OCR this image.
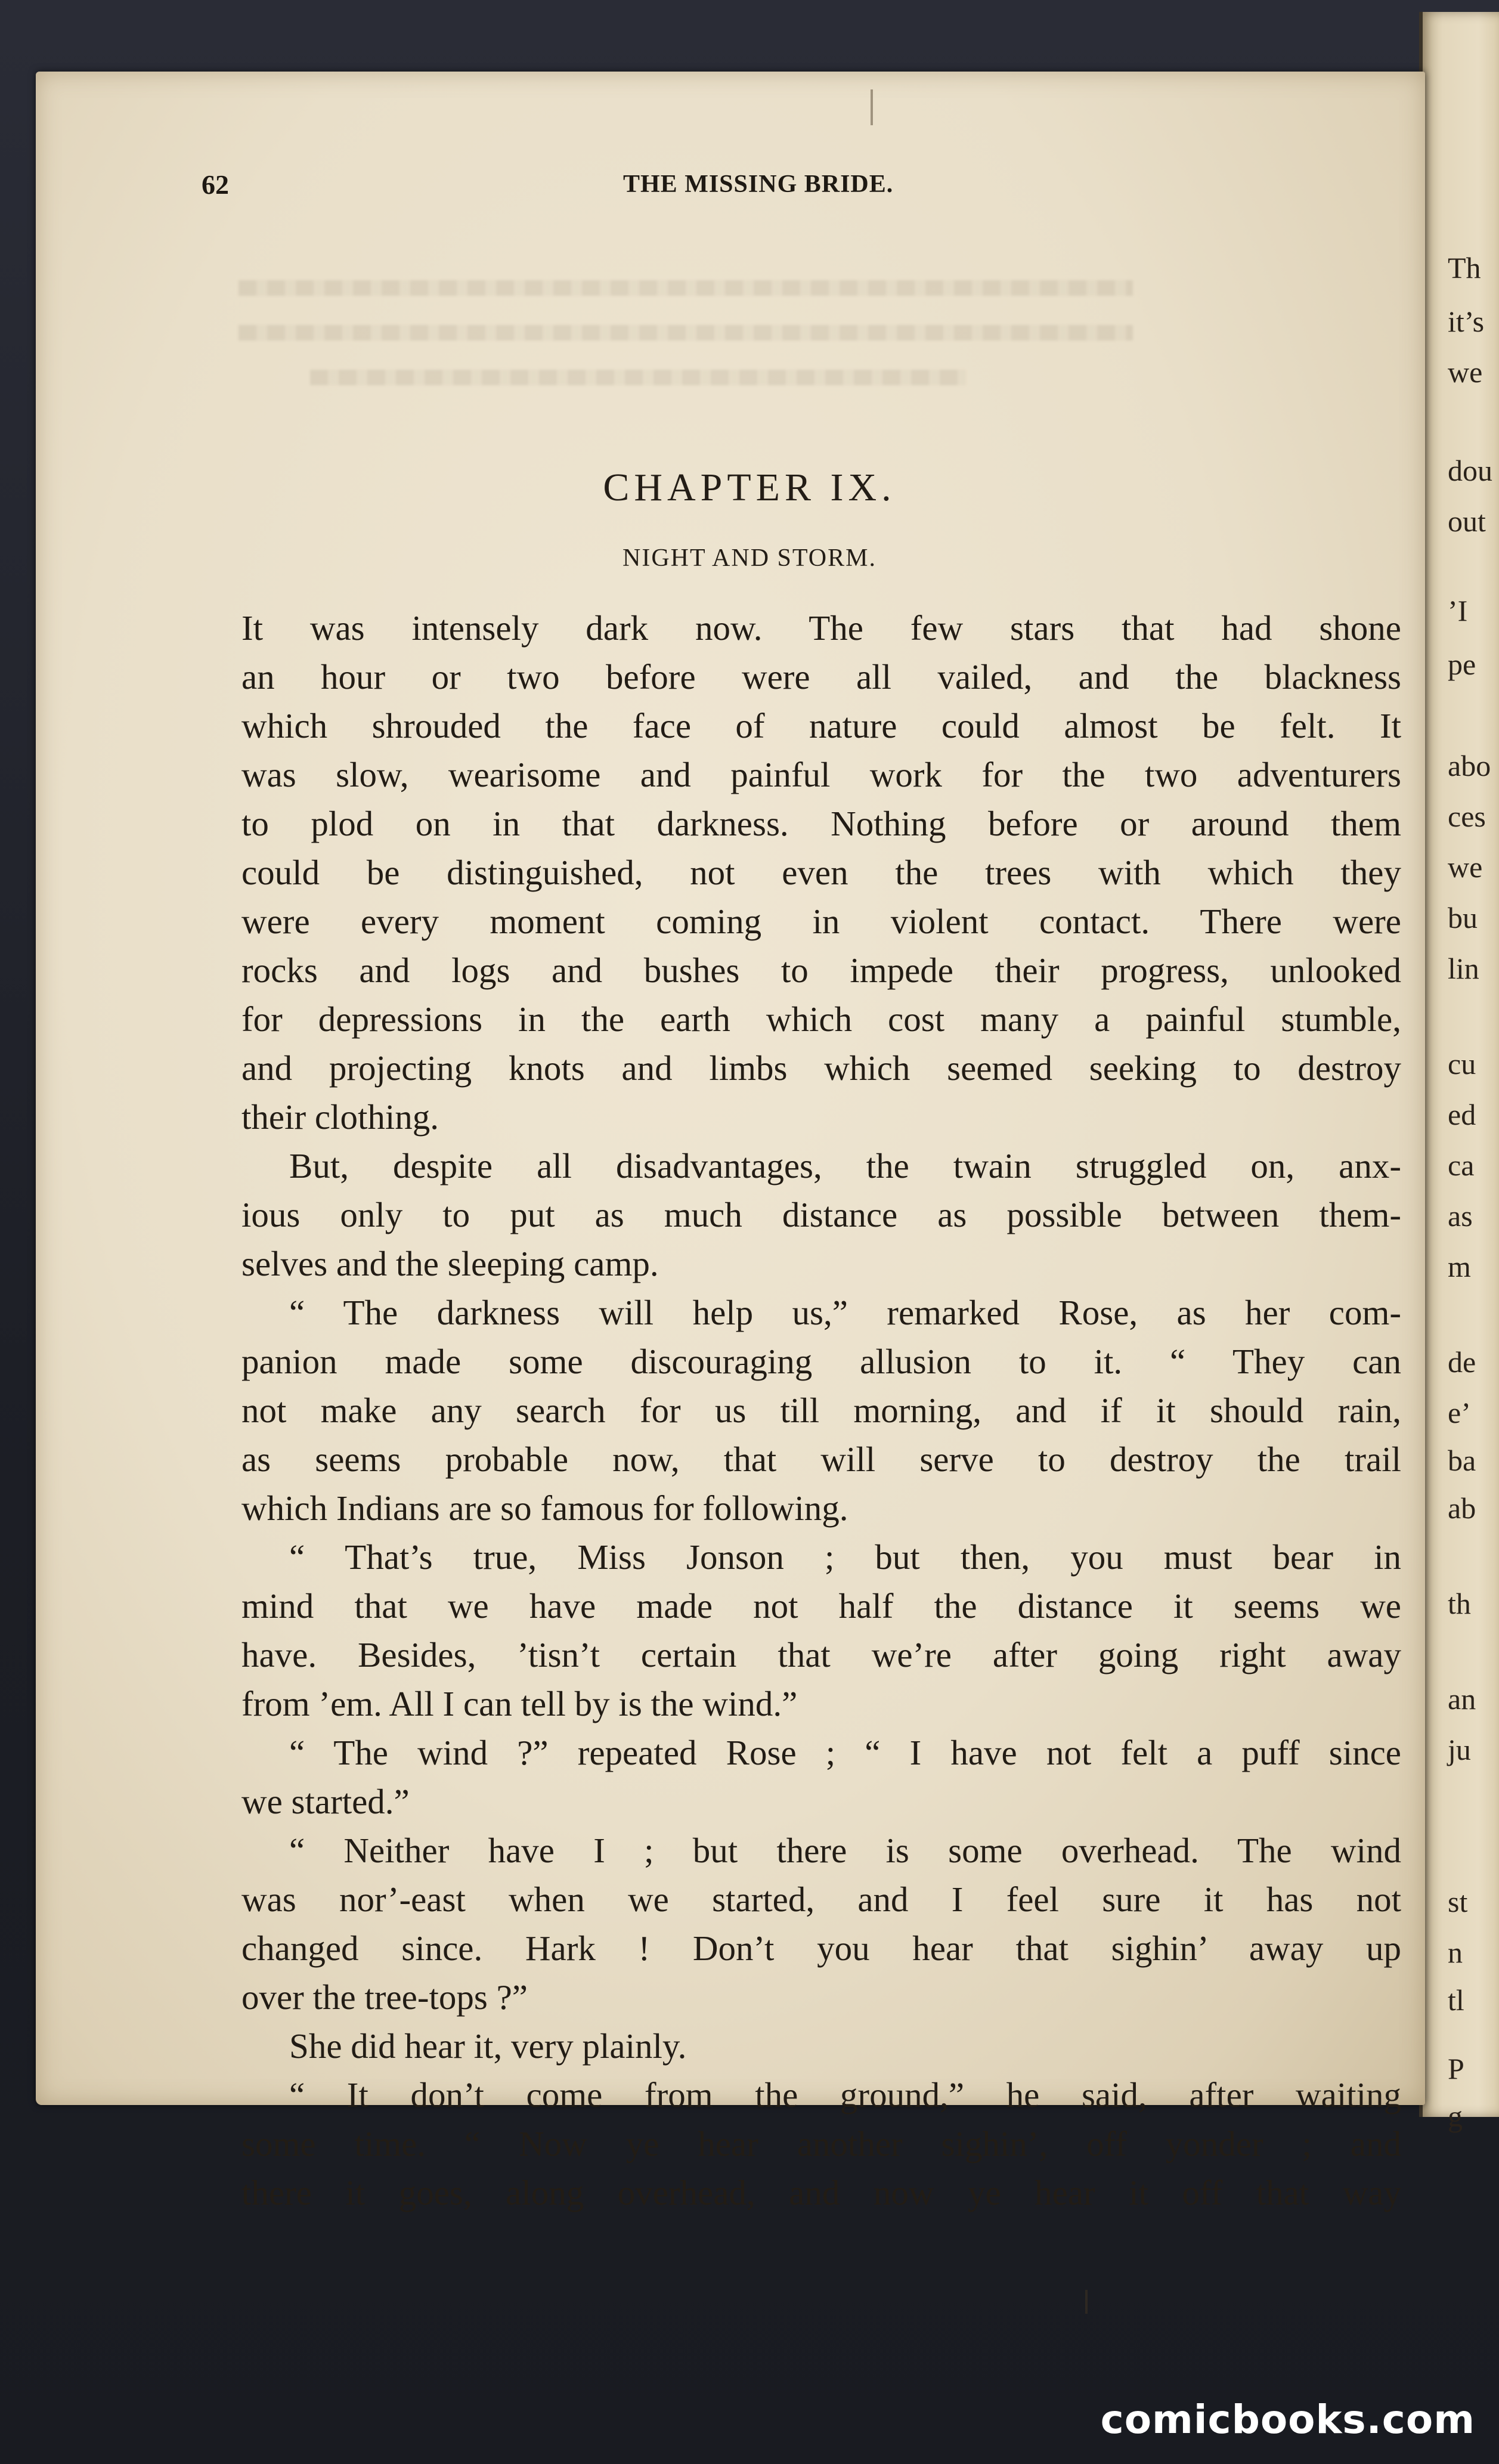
Th
it’s
we
dou
out
’I
pe
abo
ces
we
bu
lin
cu
ed
ca
as
m
de
e’
ba
ab
th
an
ju
st
n
tl
P
g
62	THE MISSING BRIDE.
CHAPTER IX.
NIGHT AND STORM.
It was intensely dark now. The few stars that had shone
an hour or two before were all vailed, and the blackness
which shrouded the face of nature could almost be felt. It
was slow, wearisome and painful work for the two adventurers
to plod on in that darkness. Nothing before or around them
could be distinguished, not even the trees with which they
were every moment coming in violent contact. There were
rocks and logs and bushes to impede their progress, unlooked
for depressions in the earth which cost many a painful stumble,
and projecting knots and limbs which seemed seeking to destroy
their clothing.
But, despite all disadvantages, the twain struggled on, anx-
ious only to put as much distance as possible between them-
selves and the sleeping camp.
“ The darkness will help us,” remarked Rose, as her com-
panion made some discouraging allusion to it. “ They can
not make any search for us till morning, and if it should rain,
as seems probable now, that will serve to destroy the trail
which Indians are so famous for following.
“ That’s true, Miss Jonson ; but then, you must bear in
mind that we have made not half the distance it seems we
have. Besides, ’tisn’t certain that we’re after going right away
from ’em. All I can tell by is the wind.”
“ The wind ?” repeated Rose ; “ I have not felt a puff since
we started.”
“ Neither have I ; but there is some overhead. The wind
was nor’-east when we started, and I feel sure it has not
changed since. Hark ! Don’t you hear that sighin’ away up
over the tree-tops ?”
She did hear it, very plainly.
“ It don’t come from the ground,” he said, after waiting
some time. “ Now ye hear another sighin’, off yonder ; and
there it goes, along overhead, and now ye hear it off that way
comicbooks.com
